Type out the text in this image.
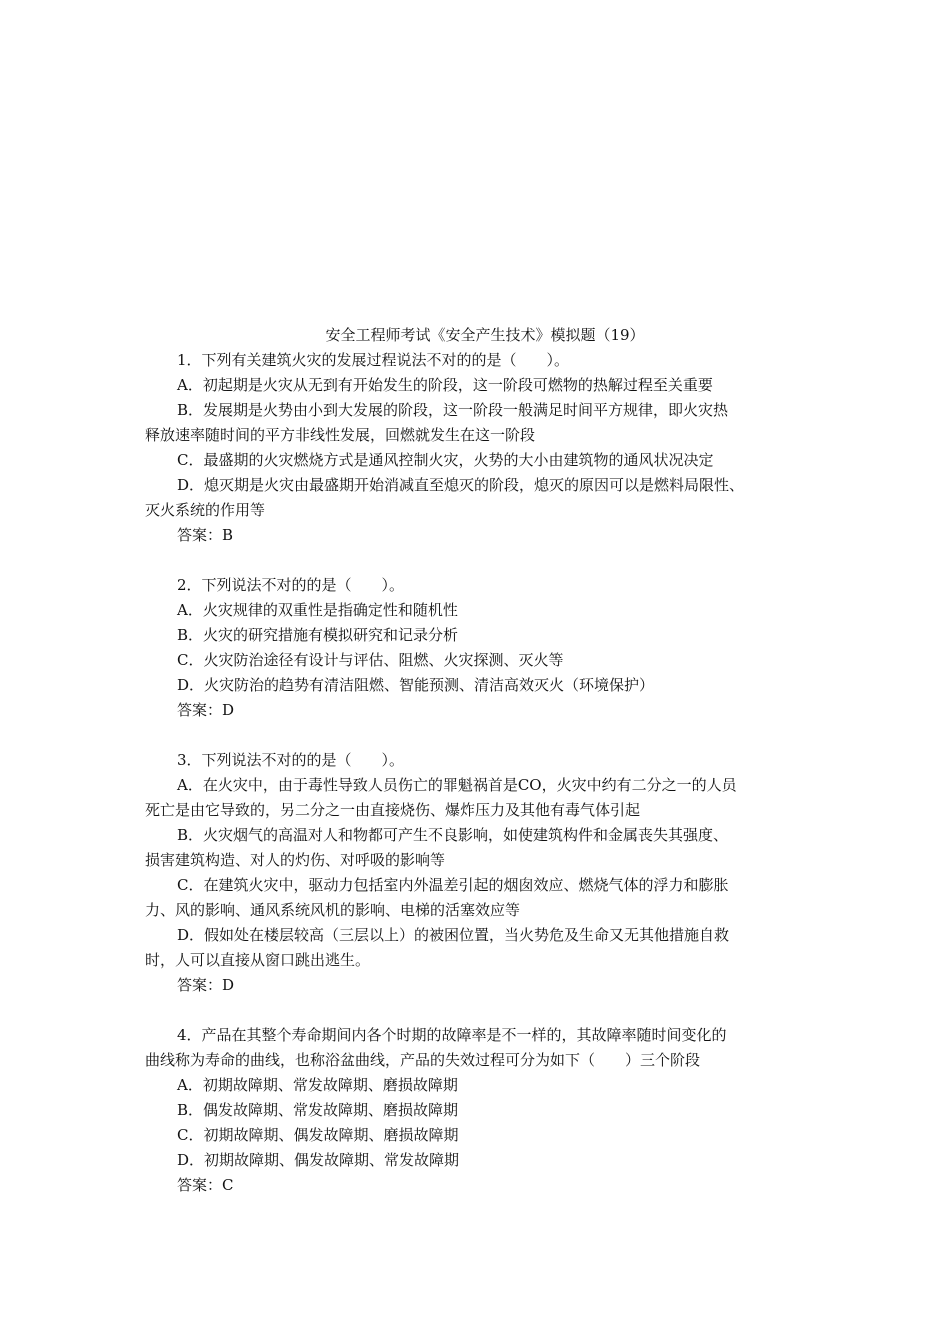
安全工程师考试《安全产生技术》模拟题（19）
1．下列有关建筑火灾的发展过程说法不对的的是（　　）。
A．初起期是火灾从无到有开始发生的阶段，这一阶段可燃物的热解过程至关重要
B．发展期是火势由小到大发展的阶段，这一阶段一般满足时间平方规律，即火灾热
释放速率随时间的平方非线性发展，回燃就发生在这一阶段
C．最盛期的火灾燃烧方式是通风控制火灾，火势的大小由建筑物的通风状况决定
D．熄灭期是火灾由最盛期开始消减直至熄灭的阶段，熄灭的原因可以是燃料局限性、
灭火系统的作用等
答案：B
2．下列说法不对的的是（　　）。
A．火灾规律的双重性是指确定性和随机性
B．火灾的研究措施有模拟研究和记录分析
C．火灾防治途径有设计与评估、阻燃、火灾探测、灭火等
D．火灾防治的趋势有清洁阻燃、智能预测、清洁高效灭火（环境保护）
答案：D
3．下列说法不对的的是（　　）。
A．在火灾中，由于毒性导致人员伤亡的罪魁祸首是CO，火灾中约有二分之一的人员
死亡是由它导致的，另二分之一由直接烧伤、爆炸压力及其他有毒气体引起
B．火灾烟气的高温对人和物都可产生不良影响，如使建筑构件和金属丧失其强度、
损害建筑构造、对人的灼伤、对呼吸的影响等
C．在建筑火灾中，驱动力包括室内外温差引起的烟囱效应、燃烧气体的浮力和膨胀
力、风的影响、通风系统风机的影响、电梯的活塞效应等
D．假如处在楼层较高（三层以上）的被困位置，当火势危及生命又无其他措施自救
时，人可以直接从窗口跳出逃生。
答案：D
4．产品在其整个寿命期间内各个时期的故障率是不一样的，其故障率随时间变化的
曲线称为寿命的曲线，也称浴盆曲线，产品的失效过程可分为如下（　　）三个阶段
A．初期故障期、常发故障期、磨损故障期
B．偶发故障期、常发故障期、磨损故障期
C．初期故障期、偶发故障期、磨损故障期
D．初期故障期、偶发故障期、常发故障期
答案：C
